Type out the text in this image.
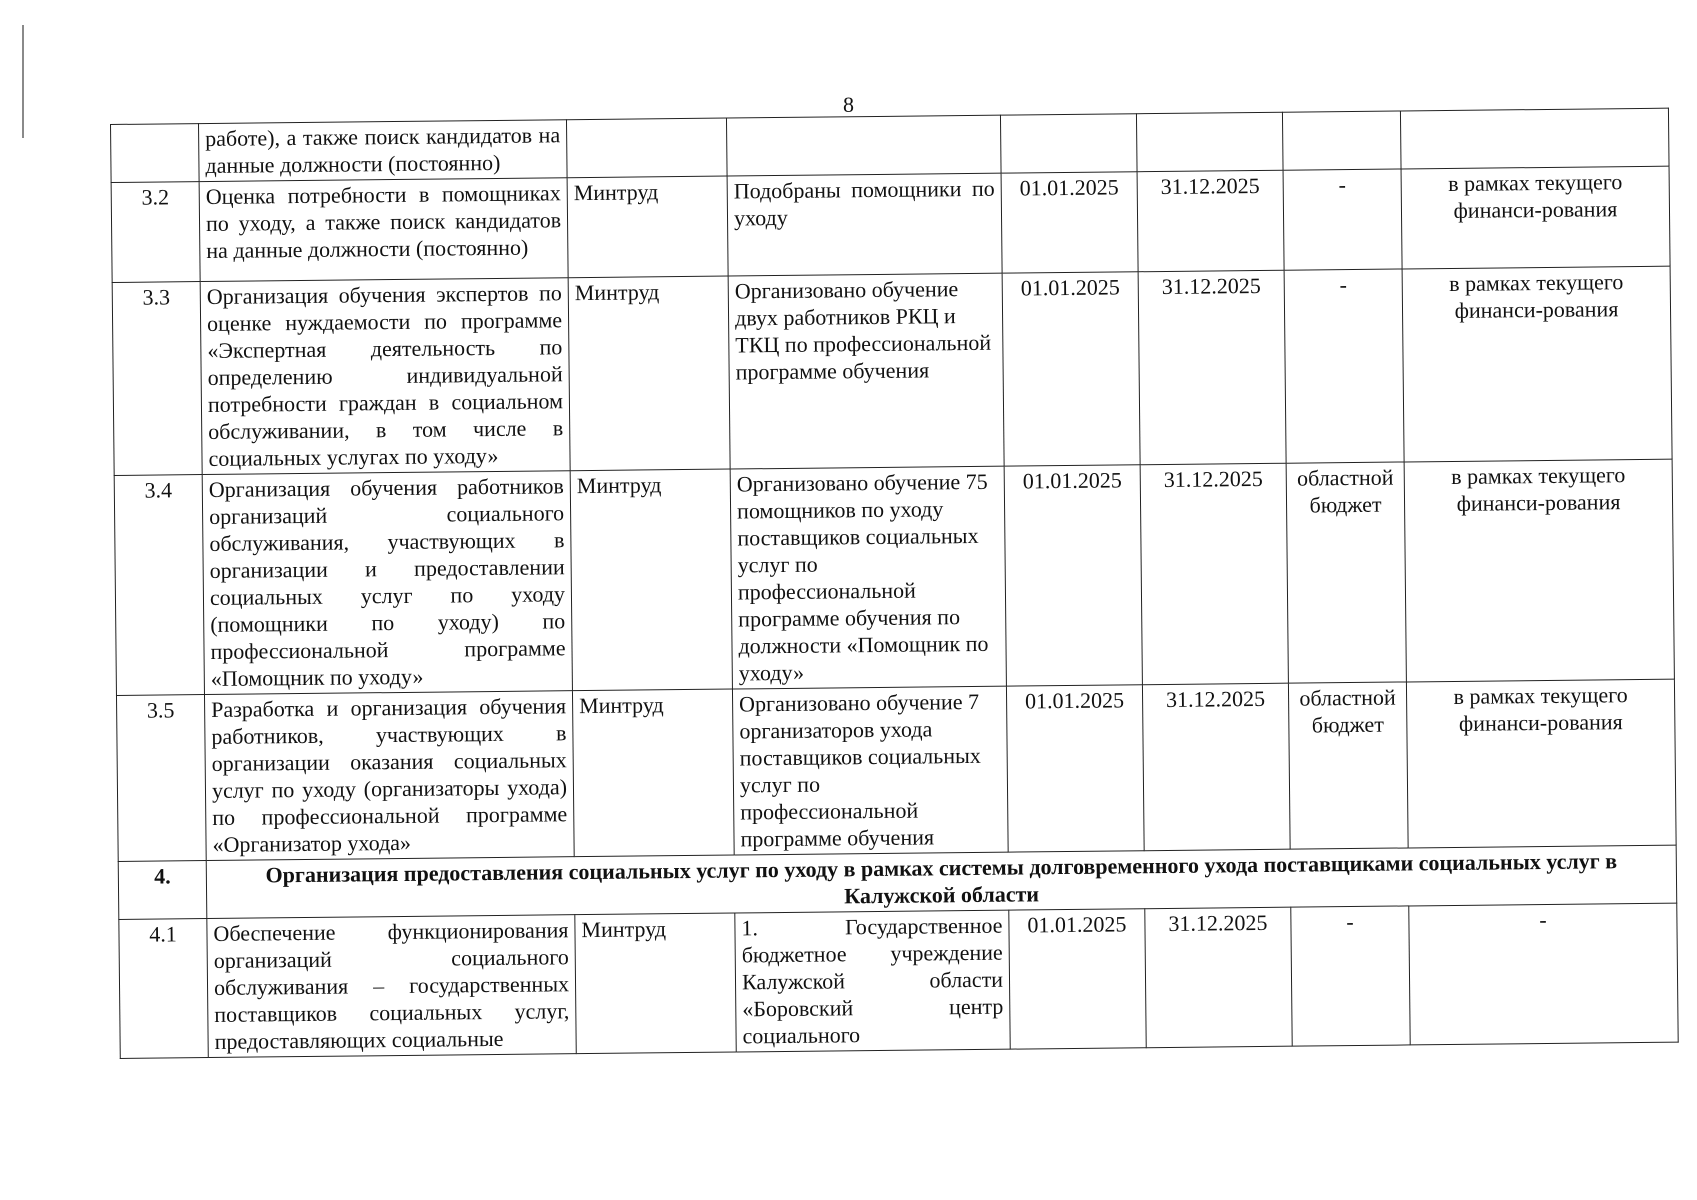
8
	работе), а также поиск кандидатов на данные должности (постоянно)						
3.2	Оценка потребности в помощниках по уходу, а также поиск кандидатов на данные должности (постоянно)	Минтруд	Подобраны помощники по уходу	01.01.2025	31.12.2025	-	в рамках текущего финанси-рования
3.3	Организация обучения экспертов по оценке нуждаемости по программе «Экспертная деятельность по определению индивидуальной потребности граждан в социальном обслуживании, в том числе в социальных услугах по уходу»	Минтруд	Организовано обучение двух работников РКЦ и ТКЦ по профессиональной программе обучения	01.01.2025	31.12.2025	-	в рамках текущего финанси-рования
3.4	Организация обучения работников организаций социального обслуживания, участвующих в организации и предоставлении социальных услуг по уходу (помощники по уходу) по профессиональной программе «Помощник по уходу»	Минтруд	Организовано обучение 75 помощников по уходу поставщиков социальных услуг по профессиональной программе обучения по должности «Помощник по уходу»	01.01.2025	31.12.2025	областной бюджет	в рамках текущего финанси-рования
3.5	Разработка и организация обучения работников, участвующих в организации оказания социальных услуг по уходу (организаторы ухода) по профессиональной программе «Организатор ухода»	Минтруд	Организовано обучение 7 организаторов ухода поставщиков социальных услуг по профессиональной программе обучения	01.01.2025	31.12.2025	областной бюджет	в рамках текущего финанси-рования
4.	Организация предоставления социальных услуг по уходу в рамках системы долговременного ухода поставщиками социальных услуг в Калужской области						
4.1	Обеспечение функционирования организаций социального обслуживания – государственных поставщиков социальных услуг, предоставляющих социальные	Минтруд	1. Государственное бюджетное учреждение Калужской области «Боровский центр социального	01.01.2025	31.12.2025	-	-
